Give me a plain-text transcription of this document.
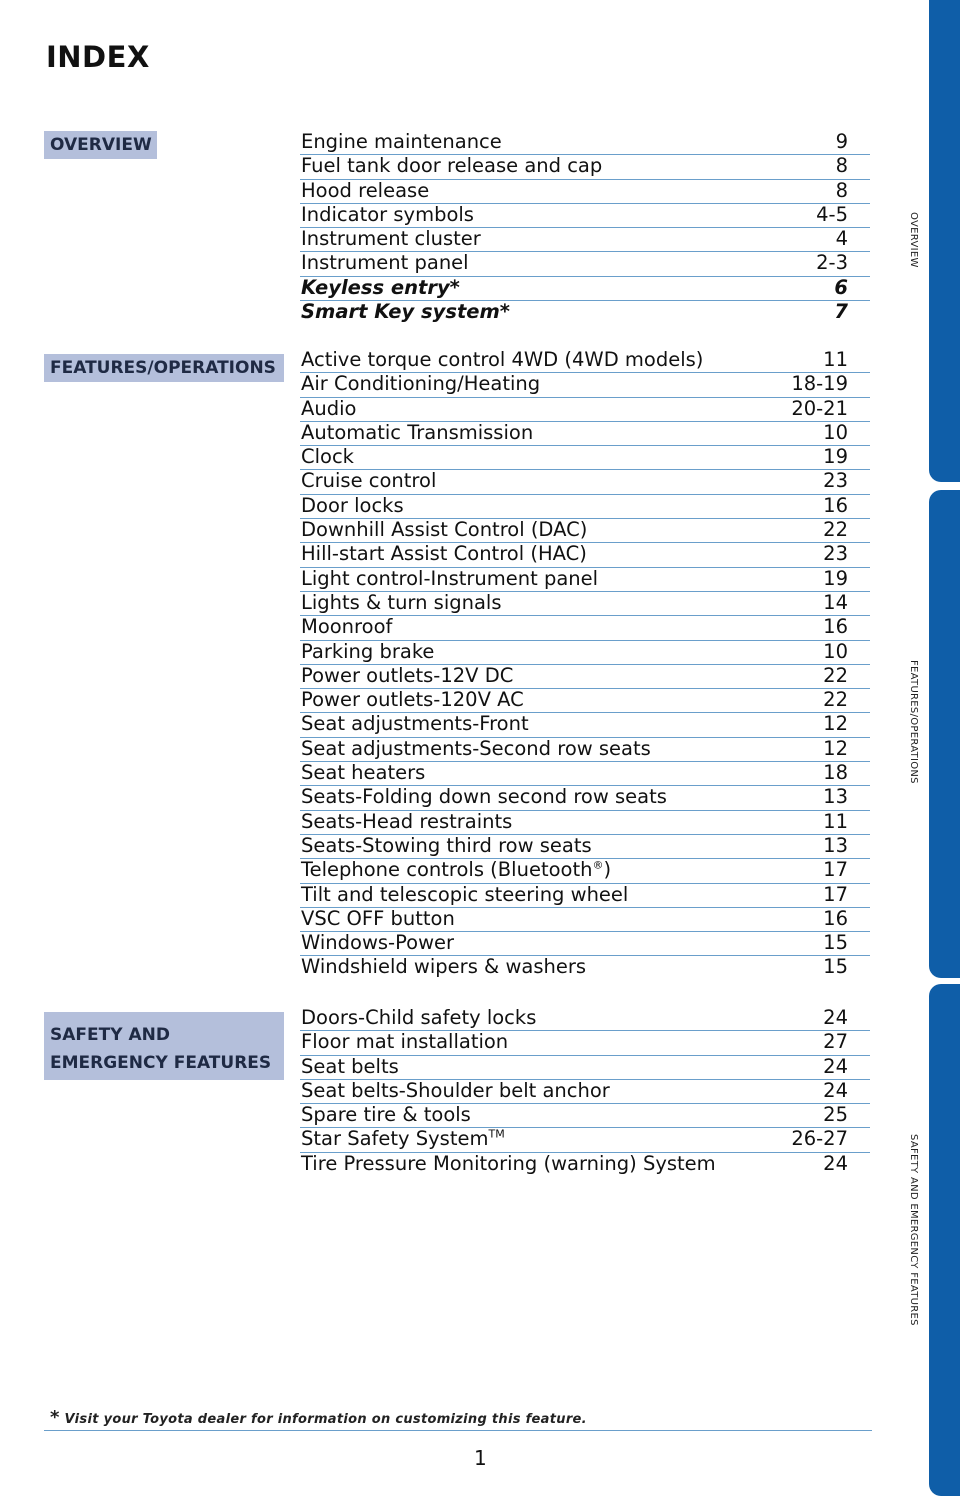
INDEX
OVERVIEW
FEATURES/OPERATIONS
SAFETY AND EMERGENCY FEATURES
OVERVIEW
FEATURES/OPERATIONS
SAFETY AND
EMERGENCY FEATURES
Engine maintenance	9
Fuel tank door release and cap	8
Hood release	8
Indicator symbols	4-5
Instrument cluster	4
Instrument panel	2-3
Keyless entry*	6
Smart Key system*	7
Active torque control 4WD (4WD models)	11
Air Conditioning/Heating	18-19
Audio	20-21
Automatic Transmission	10
Clock	19
Cruise control	23
Door locks	16
Downhill Assist Control (DAC)	22
Hill-start Assist Control (HAC)	23
Light control-Instrument panel	19
Lights & turn signals	14
Moonroof	16
Parking brake	10
Power outlets-12V DC	22
Power outlets-120V AC	22
Seat adjustments-Front	12
Seat adjustments-Second row seats	12
Seat heaters	18
Seats-Folding down second row seats	13
Seats-Head restraints	11
Seats-Stowing third row seats	13
Telephone controls (Bluetooth®)	17
Tilt and telescopic steering wheel	17
VSC OFF button	16
Windows-Power	15
Windshield wipers & washers	15
Doors-Child safety locks	24
Floor mat installation	27
Seat belts	24
Seat belts-Shoulder belt anchor	24
Spare tire & tools	25
Star Safety System™	26-27
Tire Pressure Monitoring (warning) System	24
* Visit your Toyota dealer for information on customizing this feature.
1
